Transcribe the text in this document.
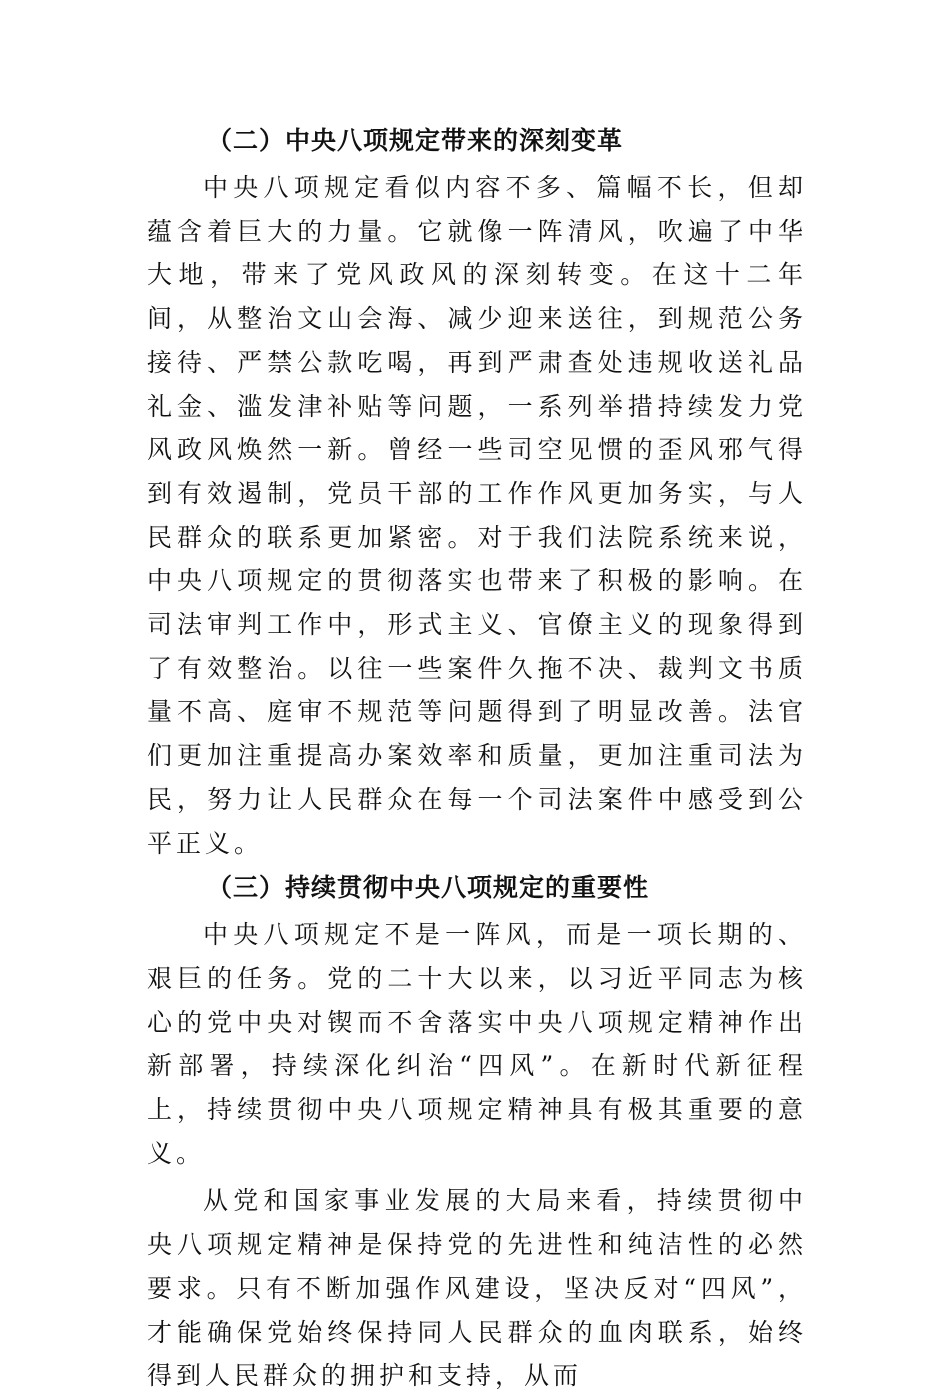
（二）中央八项规定带来的深刻变革

中央八项规定看似内容不多、篇幅不长，但却蕴含着巨大的力量。它就像一阵清风，吹遍了中华大地，带来了党风政风的深刻转变。在这十二年间，从整治文山会海、减少迎来送往，到规范公务接待、严禁公款吃喝，再到严肃查处违规收送礼品礼金、滥发津补贴等问题，一系列举措持续发力党风政风焕然一新。曾经一些司空见惯的歪风邪气得到有效遏制，党员干部的工作作风更加务实，与人民群众的联系更加紧密。对于我们法院系统来说，中央八项规定的贯彻落实也带来了积极的影响。在司法审判工作中，形式主义、官僚主义的现象得到了有效整治。以往一些案件久拖不决、裁判文书质量不高、庭审不规范等问题得到了明显改善。法官们更加注重提高办案效率和质量，更加注重司法为民，努力让人民群众在每一个司法案件中感受到公平正义。

（三）持续贯彻中央八项规定的重要性

中央八项规定不是一阵风，而是一项长期的、艰巨的任务。党的二十大以来，以习近平同志为核心的党中央对锲而不舍落实中央八项规定精神作出新部署，持续深化纠治“四风”。在新时代新征程上，持续贯彻中央八项规定精神具有极其重要的意义。

从党和国家事业发展的大局来看，持续贯彻中央八项规定精神是保持党的先进性和纯洁性的必然要求。只有不断加强作风建设，坚决反对“四风”，才能确保党始终保持同人民群众的血肉联系，始终得到人民群众的拥护和支持，从而
